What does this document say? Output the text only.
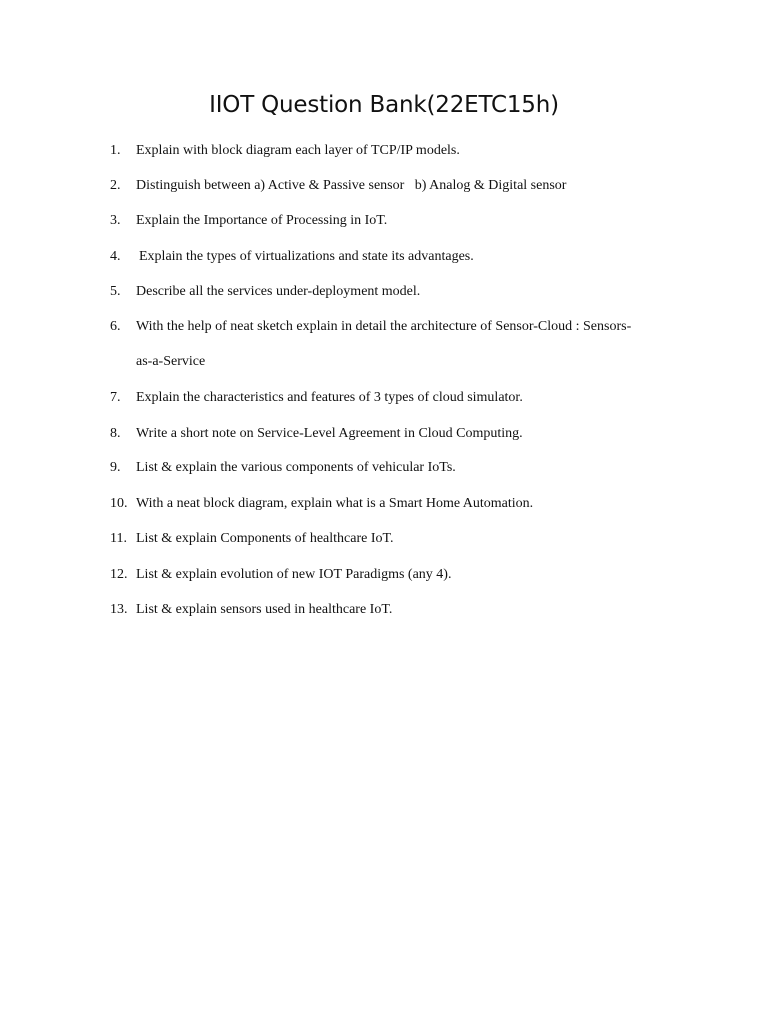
IIOT Question Bank(22ETC15h)
1.	Explain with block diagram each layer of TCP/IP models.
2.	Distinguish between a) Active & Passive sensor   b) Analog & Digital sensor
3.	Explain the Importance of Processing in IoT.
4.	Explain the types of virtualizations and state its advantages.
5.	Describe all the services under-deployment model.
6.	With the help of neat sketch explain in detail the architecture of Sensor-Cloud : Sensors-
as-a-Service
7.	Explain the characteristics and features of 3 types of cloud simulator.
8.	Write a short note on Service-Level Agreement in Cloud Computing.
9.	List & explain the various components of vehicular IoTs.
10. With a neat block diagram, explain what is a Smart Home Automation.
11. List & explain Components of healthcare IoT.
12. List & explain evolution of new IOT Paradigms (any 4).
13. List & explain sensors used in healthcare IoT.
